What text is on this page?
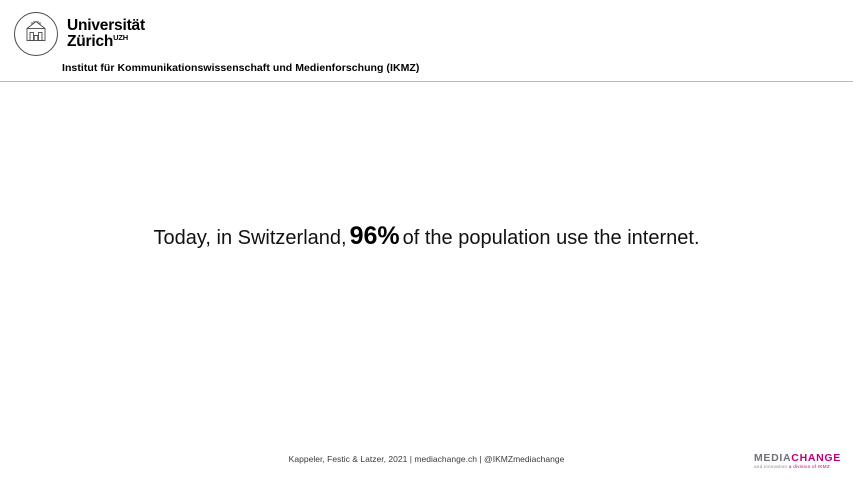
Universität
Zürich$^{UZH}$
Institut für Kommunikationswissenschaft und Medienforschung (IKMZ)
Today, in Switzerland, 96% of the population use the internet.
Kappeler, Festic & Latzer, 2021 | mediachange.ch | @IKMZmediachange	MEDIACHANGE
and innovation a division of IKMZ
